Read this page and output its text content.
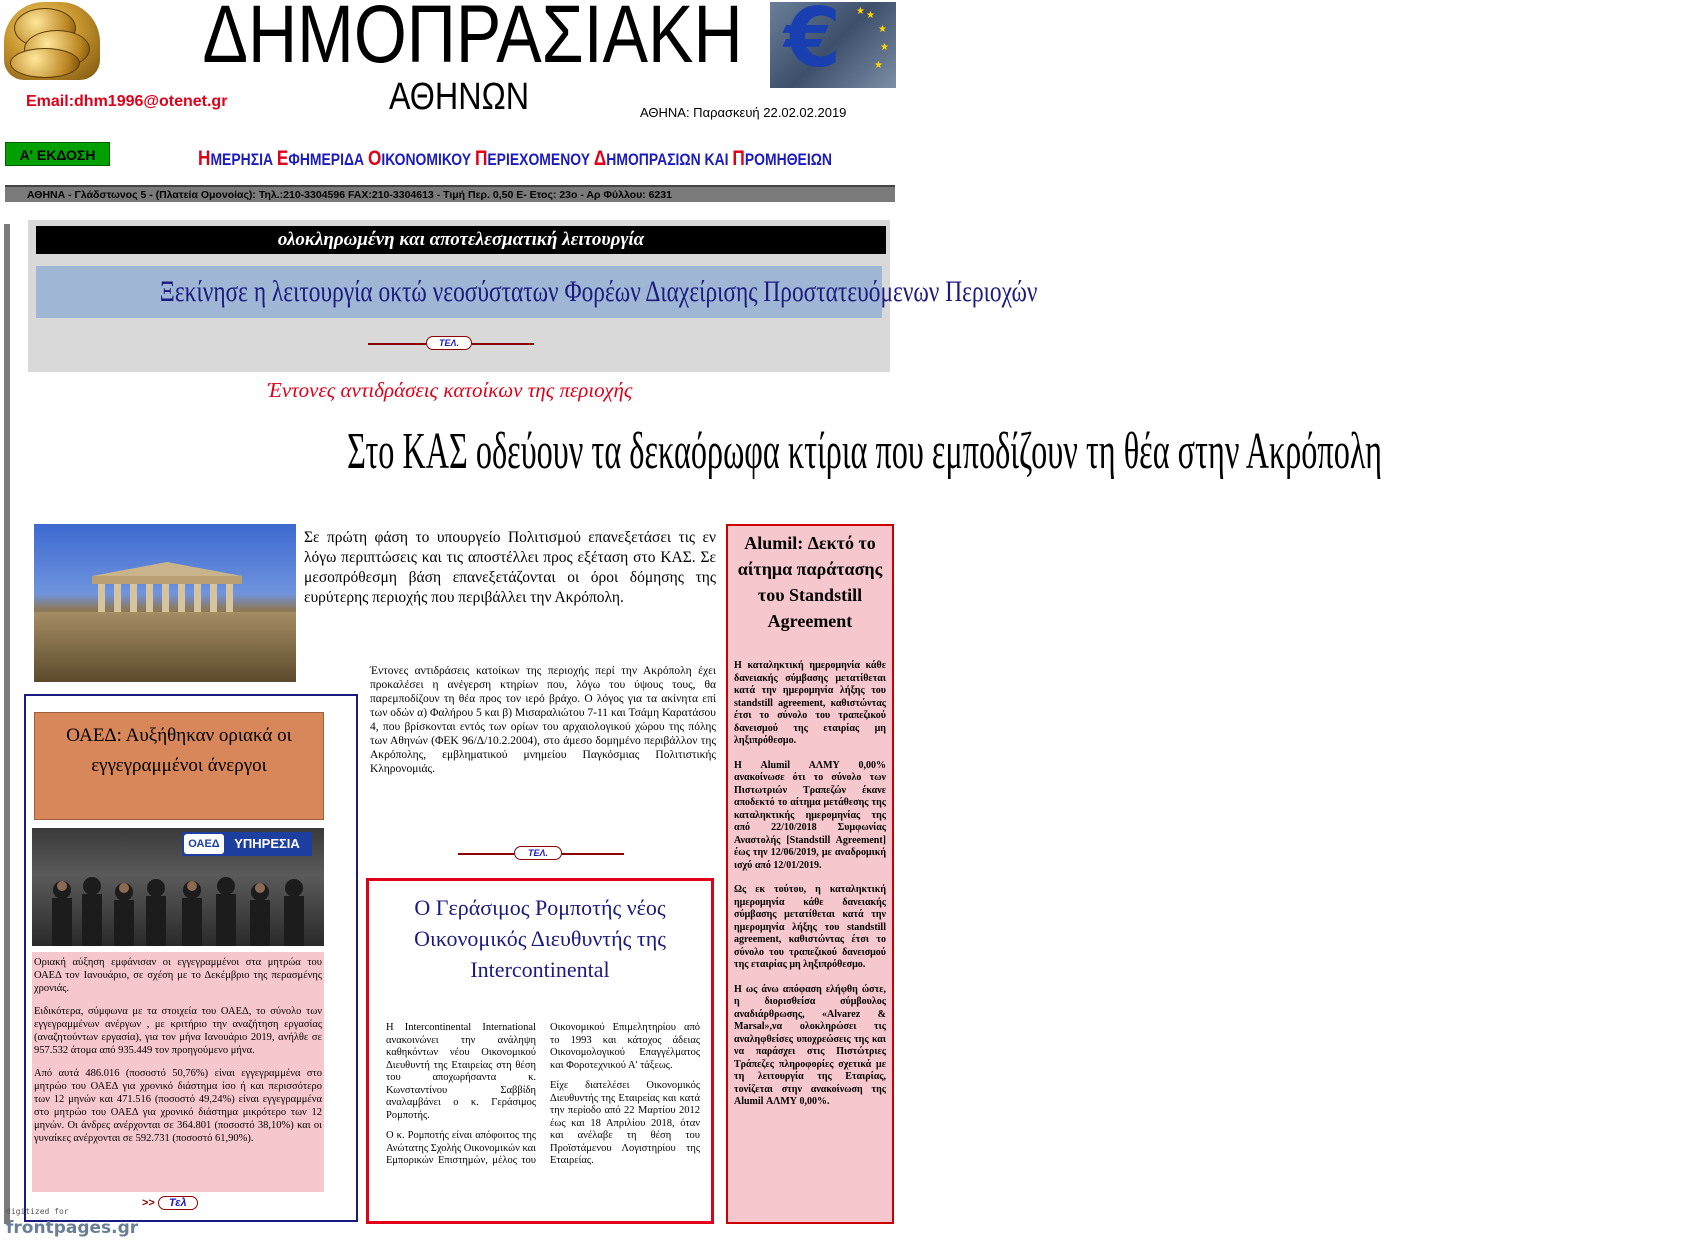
ΔΗΜΟΠΡΑΣΙΑΚΗ € ★
★
★
★
★
ΑΘΗΝΩΝ
Email:dhm1996@otenet.gr
ΑΘΗΝΑ: Παρασκευή 22.02.02.2019
Α' ΕΚΔΟΣΗ	ΗΜΕΡΗΣΙΑ ΕΦΗΜΕΡΙΔΑ ΟΙΚΟΝΟΜΙΚΟΥ ΠΕΡΙΕΧΟΜΕΝΟΥ ΔΗΜΟΠΡΑΣΙΩΝ ΚΑΙ ΠΡΟΜΗΘΕΙΩΝ
ΑΘΗΝΑ - Γλάδστωνος 5 - (Πλατεία Ομονοίας): Τηλ.:210-3304596 FAX:210-3304613 - Τιμή Περ. 0,50 Ε- Ετος: 23ο - Αρ Φύλλου: 6231
ολοκληρωμένη και αποτελεσματική λειτουργία
Ξεκίνησε η λειτουργία οκτώ νεοσύστατων Φορέων Διαχείρισης Προστατευόμενων Περιοχών
ΤΕΛ.
Έντονες αντιδράσεις κατοίκων της περιοχής
Στο ΚΑΣ οδεύουν τα δεκαόρωφα κτίρια που εμποδίζουν τη θέα στην Ακρόπολη
Σε πρώτη φάση το υπουργείο Πολιτισμού επανεξετάσει τις εν λόγω περιπτώσεις και τις αποστέλλει προς εξέταση στο ΚΑΣ. Σε μεσοπρόθεσμη βάση επανεξετάζονται οι όροι δόμησης της ευρύτερης περιοχής που περιβάλλει την Ακρόπολη.
Έντονες αντιδράσεις κατοίκων της περιοχής περί την Ακρόπολη έχει προκαλέσει η ανέγερση κτηρίων που, λόγω του ύψους τους, θα παρεμποδίζουν τη θέα προς τον ιερό βράχο. Ο λόγος για τα ακίνητα επί των οδών α) Φαλήρου 5 και β) Μισαραλιώτου 7-11 και Τσάμη Καρατάσου 4, που βρίσκονται εντός των ορίων του αρχαιολογικού χώρου της πόλης των Αθηνών (ΦΕΚ 96/Δ/10.2.2004), στο άμεσο δομημένο περιβάλλον της Ακρόπολης, εμβληματικού μνημείου Παγκόσμιας Πολιτιστικής Κληρονομιάς.
ΤΕΛ.
Alumil: Δεκτό το αίτημα παράτασης του Standstill Agreement

Η καταληκτική ημερομηνία κάθε δανειακής σύμβασης μετατίθεται κατά την ημερομηνία λήξης του standstill agreement, καθιστώντας έτσι το σύνολο του τραπεζικού δανεισμού της εταιρίας μη ληξιπρόθεσμο.

Η Alumil ΑΛΜΥ 0,00% ανακοίνωσε ότι το σύνολο των Πιστωτριών Τραπεζών έκανε αποδεκτό το αίτημα μετάθεσης της καταληκτικής ημερομηνίας της από 22/10/2018 Συμφωνίας Αναστολής [Standstill Agreement] έως την 12/06/2019, με αναδρομική ισχύ από 12/01/2019.

Ως εκ τούτου, η καταληκτική ημερομηνία κάθε δανειακής σύμβασης μετατίθεται κατά την ημερομηνία λήξης του standstill agreement, καθιστώντας έτσι το σύνολο του τραπεζικού δανεισμού της εταιρίας μη ληξιπρόθεσμο.

Η ως άνω απόφαση ελήφθη ώστε, η διορισθείσα σύμβουλος αναδιάρθρωσης, «Alvarez & Marsal»,να ολοκληρώσει τις αναληφθείσες υποχρεώσεις της και να παράσχει στις Πιστώτριες Τράπεζες πληροφορίες σχετικά με τη λειτουργία της Εταιρίας, τονίζεται στην ανακοίνωση της Alumil ΑΛΜΥ 0,00%.

ΟΑΕΔ: Αυξήθηκαν οριακά οι εγγεγραμμένοι άνεργοι
ΥΠΗΡΕΣΙΑ
ΟΑΕΔ

Οριακή αύξηση εμφάνισαν οι εγγεγραμμένοι στα μητρώα του ΟΑΕΔ τον Ιανουάριο, σε σχέση με το Δεκέμβριο της περασμένης χρονιάς.

Ειδικότερα, σύμφωνα με τα στοιχεία του ΟΑΕΔ, το σύνολο των εγγεγραμμένων ανέργων , με κριτήριο την αναζήτηση εργασίας (αναζητούντων εργασία), για τον μήνα Ιανουάριο 2019, ανήλθε σε 957.532 άτομα από 935.449 τον προηγούμενο μήνα.

Από αυτά 486.016 (ποσοστό 50,76%) είναι εγγεγραμμένα στο μητρώο του ΟΑΕΔ για χρονικό διάστημα ίσο ή και περισσότερο των 12 μηνών και 471.516 (ποσοστό 49,24%) είναι εγγεγραμμένα στο μητρώο του ΟΑΕΔ για χρονικό διάστημα μικρότερο των 12 μηνών. Οι άνδρες ανέρχονται σε 364.801 (ποσοστό 38,10%) και οι γυναίκες ανέρχονται σε 592.731 (ποσοστό 61,90%).

>> Τελ
Ο Γεράσιμος Ρομποτής νέος Οικονομικός Διευθυντής της Intercontinental

Η Intercontinental International ανακοινώνει την ανάληψη καθηκόντων νέου Οικονομικού Διευθυντή της Εταιρείας στη θέση του αποχωρήσαντα κ. Κωνσταντίνου Σαββίδη αναλαμβάνει ο κ. Γεράσιμος Ρομποτής.

Ο κ. Ρομποτής είναι απόφοιτος της Ανώτατης Σχολής Οικονομικών και Εμπορικών Επιστημών, μέλος του Οικονομικού Επιμελητηρίου από το 1993 και κάτοχος άδειας Οικονομολογικού Επαγγέλματος και Φοροτεχνικού Α' τάξεως.

Είχε διατελέσει Οικονομικός Διευθυντής της Εταιρείας και κατά την περίοδο από 22 Μαρτίου 2012 έως και 18 Απριλίου 2018, όταν και ανέλαβε τη θέση του Προϊστάμενου Λογιστηρίου της Εταιρείας.

digitized for
frontpages.gr
